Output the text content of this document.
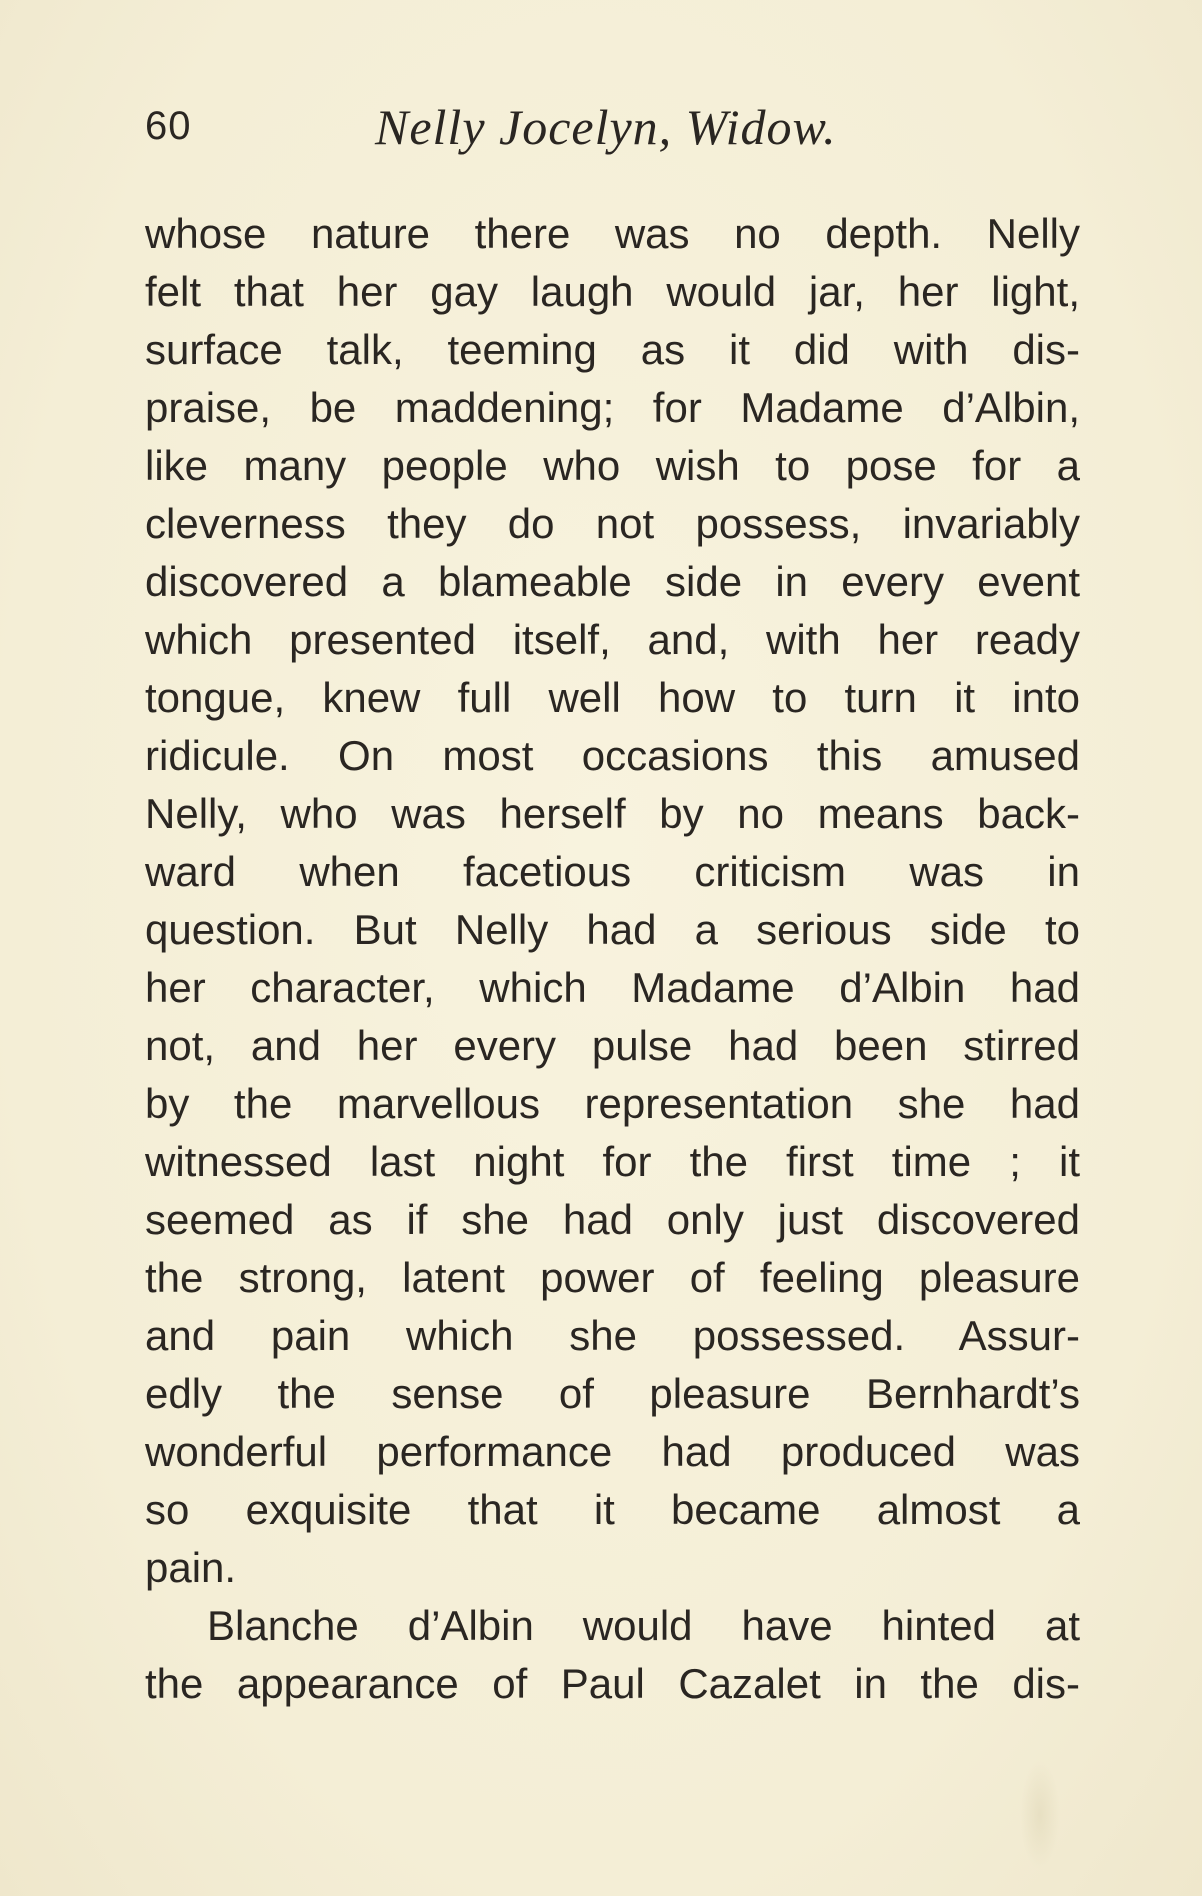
60	Nelly Jocelyn, Widow.
whose nature there was no depth. Nelly
felt that her gay laugh would jar, her light,
surface talk, teeming as it did with dis-
praise, be maddening; for Madame d’Albin,
like many people who wish to pose for a
cleverness they do not possess, invariably
discovered a blameable side in every event
which presented itself, and, with her ready
tongue, knew full well how to turn it into
ridicule. On most occasions this amused
Nelly, who was herself by no means back-
ward when facetious criticism was in
question. But Nelly had a serious side to
her character, which Madame d’Albin had
not, and her every pulse had been stirred
by the marvellous representation she had
witnessed last night for the first time ; it
seemed as if she had only just discovered
the strong, latent power of feeling pleasure
and pain which she possessed. Assur-
edly the sense of pleasure Bernhardt’s
wonderful performance had produced was
so exquisite that it became almost a
pain.
Blanche d’Albin would have hinted at
the appearance of Paul Cazalet in the dis-
